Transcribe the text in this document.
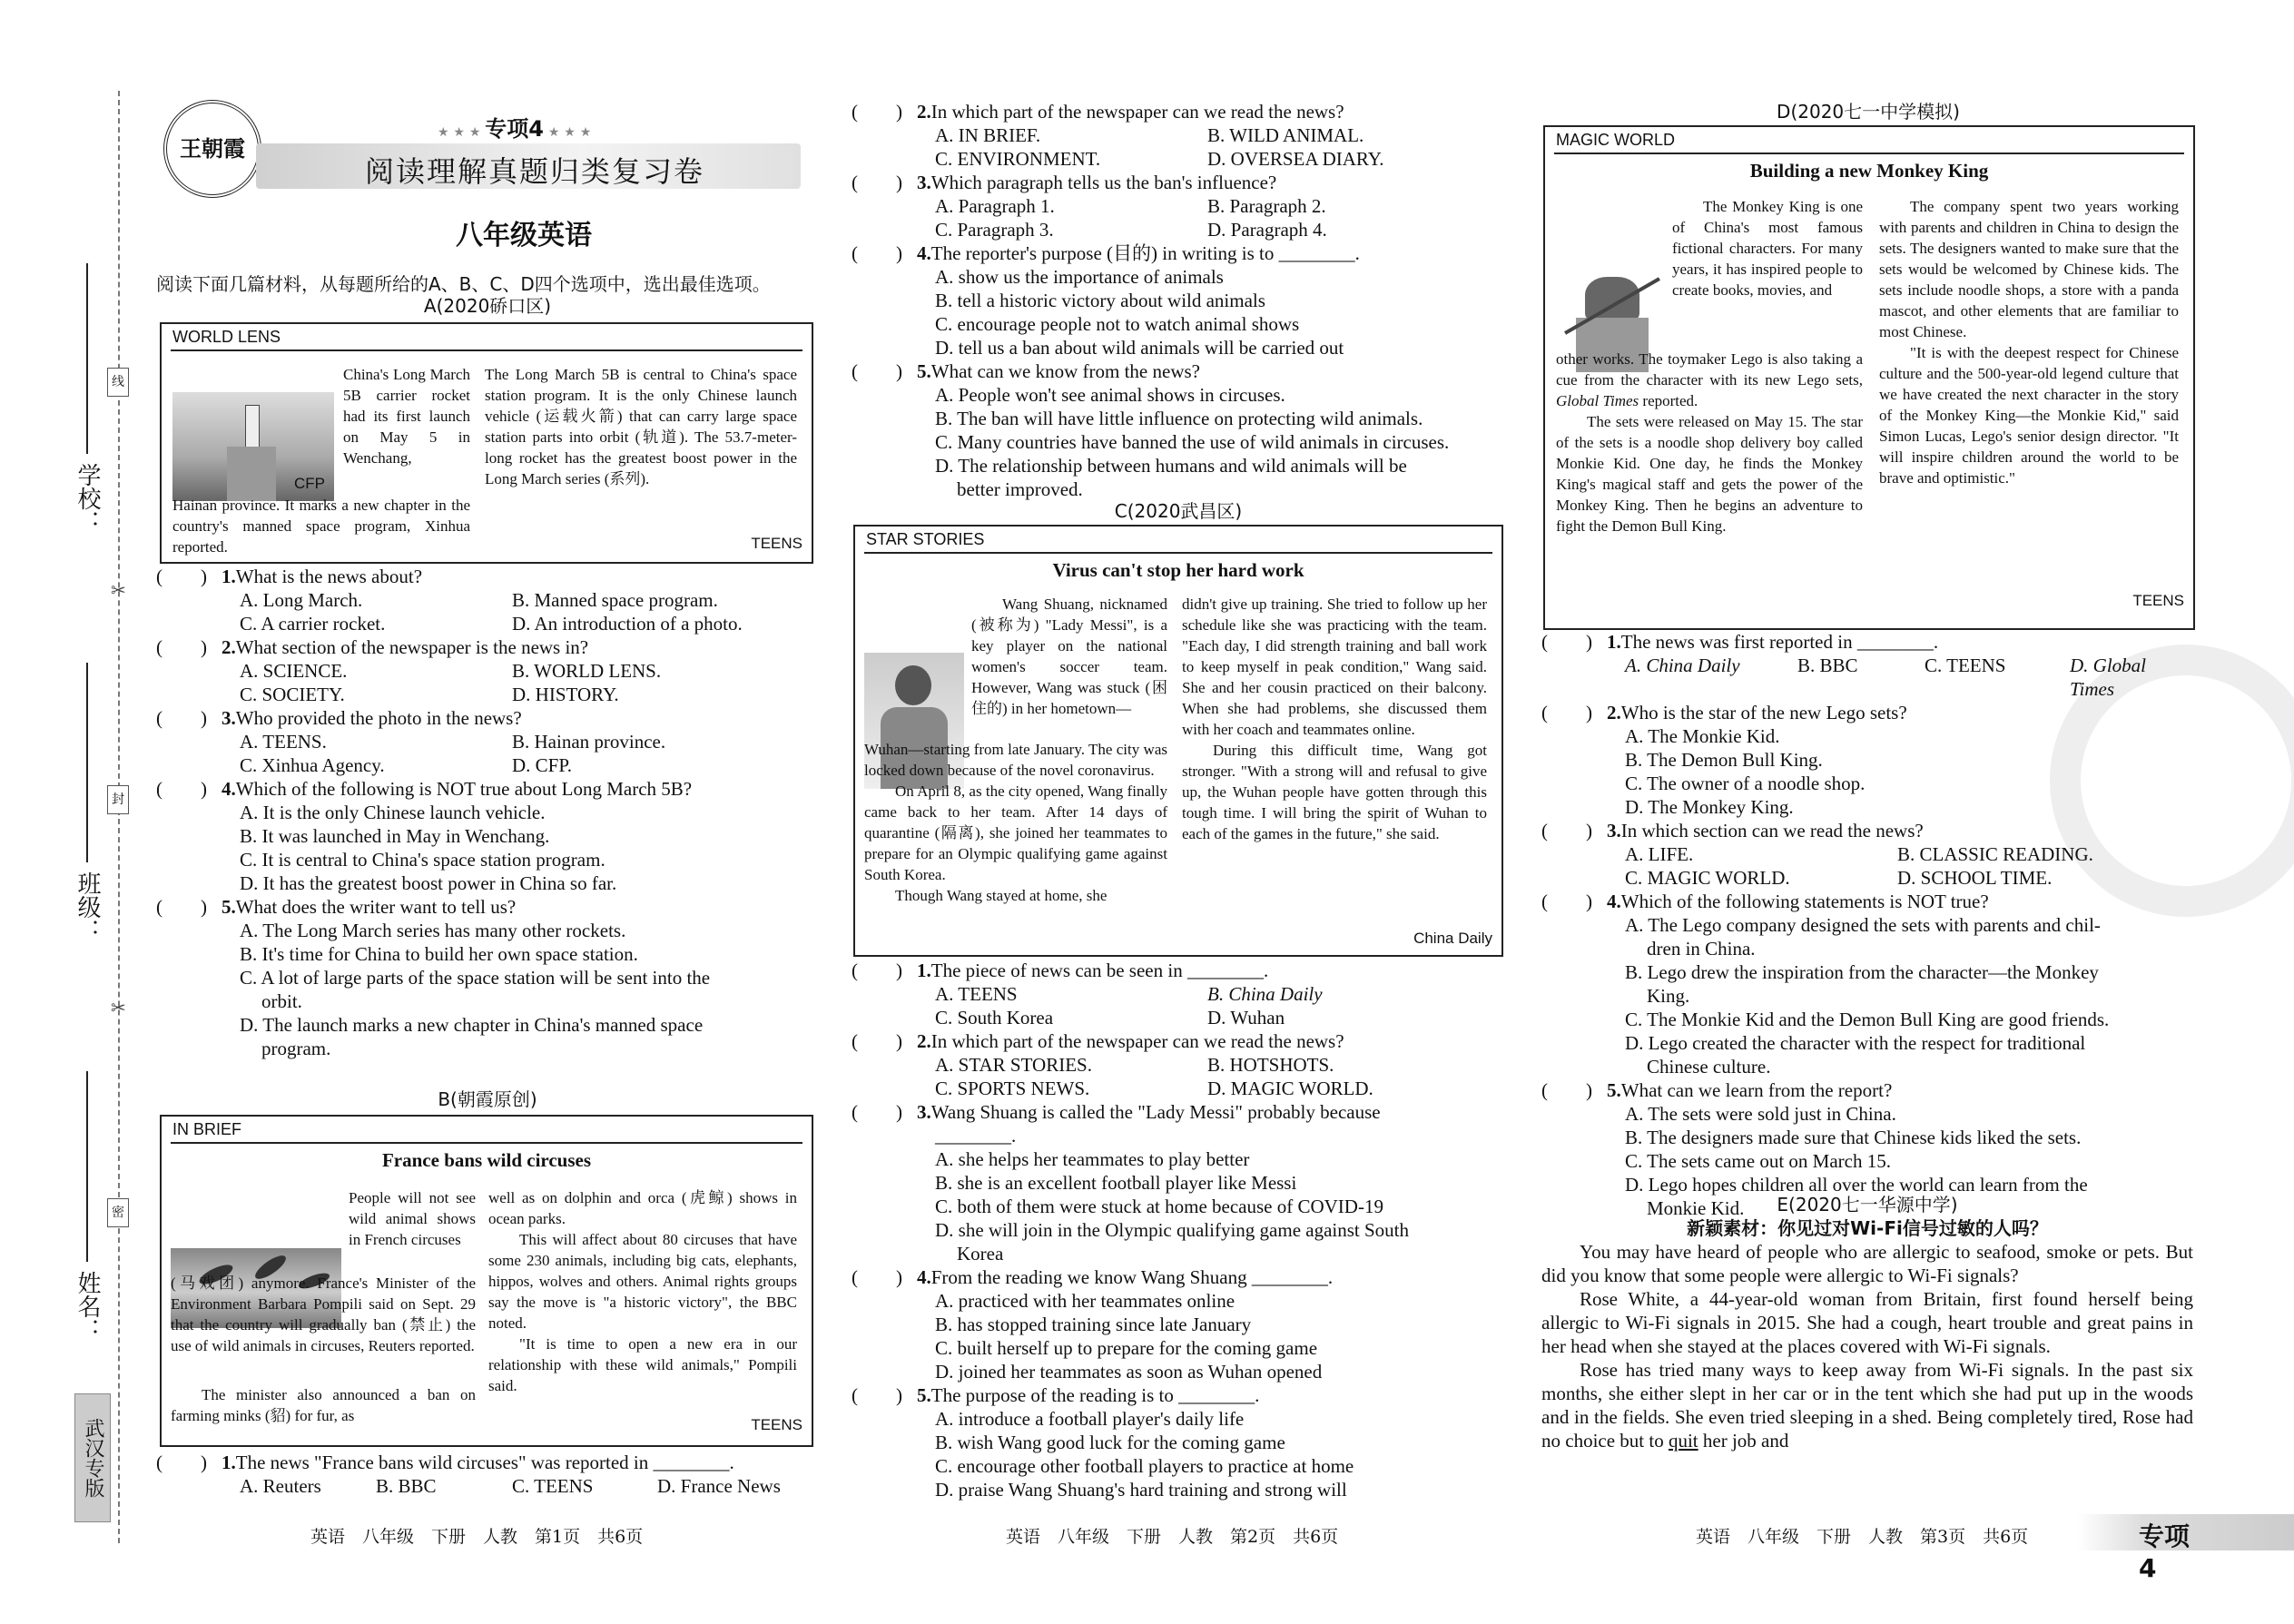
学校：
班级：
姓名：
线
封
密
✂
✂
武汉专版
王朝霞
★ ★ ★ 专项4 ★ ★ ★
阅读理解真题归类复习卷
八年级英语
阅读下面几篇材料，从每题所给的A、B、C、D四个选项中，选出最佳选项。
A(2020硚口区)
WORLD LENS
CFP
China's Long March 5B carrier rocket had its first launch on May 5 in Wenchang,
Hainan province. It marks a new chapter in the country's manned space program, Xinhua reported.
The Long March 5B is central to China's space station program. It is the only Chinese launch vehicle (运载火箭) that can carry large space station parts into orbit (轨道). The 53.7-meter-long rocket has the greatest boost power in the Long March series (系列).
TEENS

(　　) 1.What is the news about?

A. Long March.	B. Manned space program.
C. A carrier rocket.	D. An introduction of a photo.

(　　) 2.What section of the newspaper is the news in?

A. SCIENCE.	B. WORLD LENS.
C. SOCIETY.	D. HISTORY.

(　　) 3.Who provided the photo in the news?

A. TEENS.	B. Hainan province.
C. Xinhua Agency.	D. CFP.

(　　) 4.Which of the following is NOT true about Long March 5B?

A. It is the only Chinese launch vehicle.
B. It was launched in May in Wenchang.
C. It is central to China's space station program.
D. It has the greatest boost power in China so far.

(　　) 5.What does the writer want to tell us?

A. The Long March series has many other rockets.
B. It's time for China to build her own space station.
C. A lot of large parts of the space station will be sent into the
orbit.
D. The launch marks a new chapter in China's manned space
program.
B(朝霞原创)
IN BRIEF
France bans wild circuses
People will not see wild animal shows in French circuses
(马戏团) anymore. France's Minister of the Environment Barbara Pompili said on Sept. 29 that the country will gradually ban (禁止) the use of wild animals in circuses, Reuters reported.
The minister also announced a ban on farming minks (貂) for fur, as
well as on dolphin and orca (虎鲸) shows in ocean parks.
This will affect about 80 circuses that have some 230 animals, including big cats, elephants, hippos, wolves and others. Animal rights groups say the move is "a historic victory", the BBC noted.
"It is time to open a new era in our relationship with these wild animals," Pompili said.
TEENS

(　　) 1.The news "France bans wild circuses" was reported in ________.

A. Reuters	B. BBC	C. TEENS	D. France News
英语　八年级　下册　人教　第1页　共6页

(　　) 2.In which part of the newspaper can we read the news?

A. IN BRIEF.	B. WILD ANIMAL.
C. ENVIRONMENT.	D. OVERSEA DIARY.

(　　) 3.Which paragraph tells us the ban's influence?

A. Paragraph 1.	B. Paragraph 2.
C. Paragraph 3.	D. Paragraph 4.

(　　) 4.The reporter's purpose (目的) in writing is to ________.

A. show us the importance of animals
B. tell a historic victory about wild animals
C. encourage people not to watch animal shows
D. tell us a ban about wild animals will be carried out

(　　) 5.What can we know from the news?

A. People won't see animal shows in circuses.
B. The ban will have little influence on protecting wild animals.
C. Many countries have banned the use of wild animals in circuses.
D. The relationship between humans and wild animals will be
better improved.
C(2020武昌区)
STAR STORIES
Virus can't stop her hard work
Wang Shuang, nicknamed (被称为) "Lady Messi", is a key player on the national women's soccer team. However, Wang was stuck (困住的) in her hometown—
Wuhan—starting from late January. The city was locked down because of the novel coronavirus.
On April 8, as the city opened, Wang finally came back to her team. After 14 days of quarantine (隔离), she joined her teammates to prepare for an Olympic qualifying game against South Korea.
Though Wang stayed at home, she
didn't give up training. She tried to follow up her schedule like she was practicing with the team. "Each day, I did strength training and ball work to keep myself in peak condition," Wang said. She and her cousin practiced on their balcony. When she had problems, she discussed them with her coach and teammates online.
During this difficult time, Wang got stronger. "With a strong will and refusal to give up, the Wuhan people have gotten through this tough time. I will bring the spirit of Wuhan to each of the games in the future," she said.
China Daily

(　　) 1.The piece of news can be seen in ________.

A. TEENS	B. China Daily
C. South Korea	D. Wuhan

(　　) 2.In which part of the newspaper can we read the news?

A. STAR STORIES.	B. HOTSHOTS.
C. SPORTS NEWS.	D. MAGIC WORLD.

(　　) 3.Wang Shuang is called the "Lady Messi" probably because

________.
A. she helps her teammates to play better
B. she is an excellent football player like Messi
C. both of them were stuck at home because of COVID-19
D. she will join in the Olympic qualifying game against South
Korea

(　　) 4.From the reading we know Wang Shuang ________.

A. practiced with her teammates online
B. has stopped training since late January
C. built herself up to prepare for the coming game
D. joined her teammates as soon as Wuhan opened

(　　) 5.The purpose of the reading is to ________.

A. introduce a football player's daily life
B. wish Wang good luck for the coming game
C. encourage other football players to practice at home
D. praise Wang Shuang's hard training and strong will
英语　八年级　下册　人教　第2页　共6页
D(2020七一中学模拟)
MAGIC WORLD
Building a new Monkey King
The Monkey King is one of China's most famous fictional characters. For many years, it has inspired people to create books, movies, and
other works. The toymaker Lego is also taking a cue from the character with its new Lego sets, Global Times reported.
The sets were released on May 15. The star of the sets is a noodle shop delivery boy called Monkie Kid. One day, he finds the Monkey King's magical staff and gets the power of the Monkey King. Then he begins an adventure to fight the Demon Bull King.
The company spent two years working with parents and children in China to design the sets. The designers wanted to make sure that the sets would be welcomed by Chinese kids. The sets include noodle shops, a store with a panda mascot, and other elements that are familiar to most Chinese.
"It is with the deepest respect for Chinese culture and the 500-year-old legend culture that we have created the next character in the story of the Monkey King—the Monkie Kid," said Simon Lucas, Lego's senior design director. "It will inspire children around the world to be brave and optimistic."
TEENS

(　　) 1.The news was first reported in ________.

A. China Daily	B. BBC	C. TEENS	D. Global Times

(　　) 2.Who is the star of the new Lego sets?

A. The Monkie Kid.
B. The Demon Bull King.
C. The owner of a noodle shop.
D. The Monkey King.

(　　) 3.In which section can we read the news?

A. LIFE.	B. CLASSIC READING.
C. MAGIC WORLD.	D. SCHOOL TIME.

(　　) 4.Which of the following statements is NOT true?

A. The Lego company designed the sets with parents and chil-
dren in China.
B. Lego drew the inspiration from the character—the Monkey
King.
C. The Monkie Kid and the Demon Bull King are good friends.
D. Lego created the character with the respect for traditional
Chinese culture.

(　　) 5.What can we learn from the report?

A. The sets were sold just in China.
B. The designers made sure that Chinese kids liked the sets.
C. The sets came out on March 15.
D. Lego hopes children all over the world can learn from the
Monkie Kid.	E(2020七一华源中学)
新颖素材：你见过对Wi-Fi信号过敏的人吗？
You may have heard of people who are allergic to seafood, smoke or pets. But did you know that some people were allergic to Wi-Fi signals?
Rose White, a 44-year-old woman from Britain, first found herself being allergic to Wi-Fi signals in 2015. She had a cough, heart trouble and great pains in her head when she stayed at the places covered with Wi-Fi signals.
Rose has tried many ways to keep away from Wi-Fi signals. In the past six months, she either slept in her car or in the tent which she had put up in the woods and in the fields. She even tried sleeping in a shed. Being completely tired, Rose had no choice but to quit her job and
英语　八年级　下册　人教　第3页　共6页	专项4
